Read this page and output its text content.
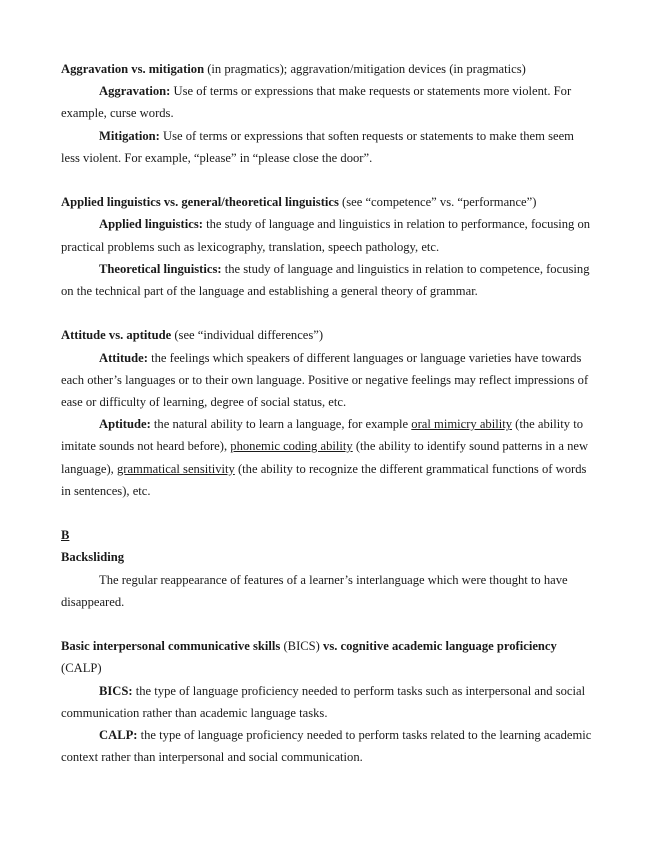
Aggravation vs. mitigation (in pragmatics); aggravation/mitigation devices (in pragmatics)

Aggravation: Use of terms or expressions that make requests or statements more violent. For example, curse words.

Mitigation: Use of terms or expressions that soften requests or statements to make them seem less violent. For example, “please” in “please close the door”.

Applied linguistics vs. general/theoretical linguistics (see “competence” vs. “performance”)

Applied linguistics: the study of language and linguistics in relation to performance, focusing on practical problems such as lexicography, translation, speech pathology, etc.

Theoretical linguistics: the study of language and linguistics in relation to competence, focusing on the technical part of the language and establishing a general theory of grammar.

Attitude vs. aptitude (see “individual differences”)

Attitude: the feelings which speakers of different languages or language varieties have towards each other’s languages or to their own language. Positive or negative feelings may reflect impressions of ease or difficulty of learning, degree of social status, etc.

Aptitude: the natural ability to learn a language, for example oral mimicry ability (the ability to imitate sounds not heard before), phonemic coding ability (the ability to identify sound patterns in a new language), grammatical sensitivity (the ability to recognize the different grammatical functions of words in sentences), etc.

B

Backsliding

The regular reappearance of features of a learner’s interlanguage which were thought to have disappeared.

Basic interpersonal communicative skills (BICS) vs. cognitive academic language proficiency (CALP)

BICS: the type of language proficiency needed to perform tasks such as interpersonal and social communication rather than academic language tasks.

CALP: the type of language proficiency needed to perform tasks related to the learning academic context rather than interpersonal and social communication.
